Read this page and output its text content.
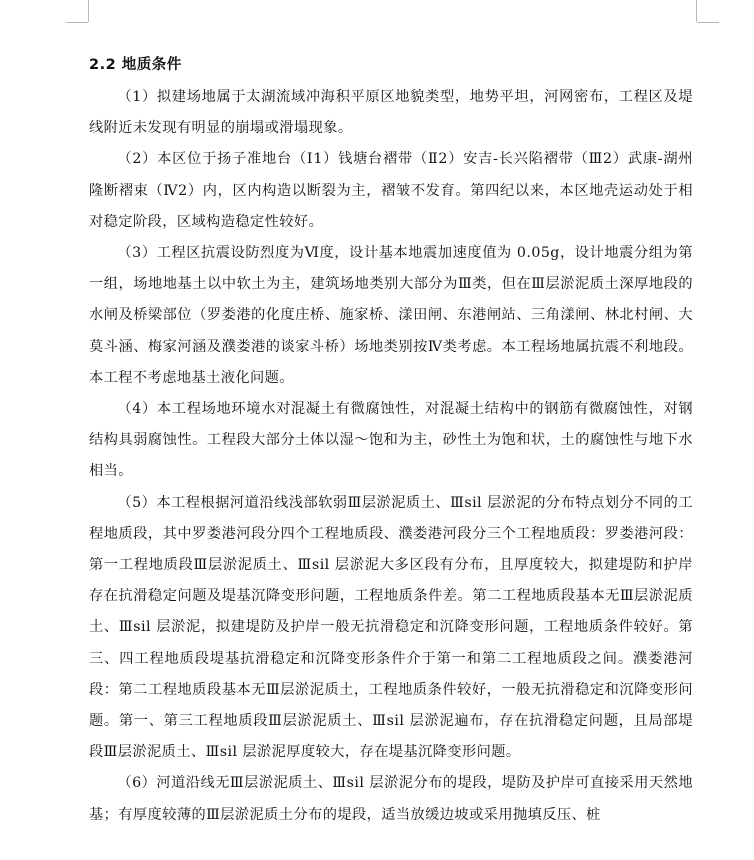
2.2 地质条件

（1）拟建场地属于太湖流域冲海积平原区地貌类型，地势平坦，河网密布，工程区及堤线附近未发现有明显的崩塌或滑塌现象。

（2）本区位于扬子准地台（Ⅰ1）钱塘台褶带（Ⅱ2）安吉-长兴陷褶带（Ⅲ2）武康-湖州隆断褶束（Ⅳ2）内，区内构造以断裂为主，褶皱不发育。第四纪以来，本区地壳运动处于相对稳定阶段，区域构造稳定性较好。

（3）工程区抗震设防烈度为Ⅵ度，设计基本地震加速度值为 0.05g，设计地震分组为第一组，场地地基土以中软土为主，建筑场地类别大部分为Ⅲ类，但在Ⅲ层淤泥质土深厚地段的水闸及桥梁部位（罗娄港的化度庄桥、施家桥、漾田闸、东港闸站、三角漾闸、林北村闸、大莫斗涵、梅家河涵及濮娄港的谈家斗桥）场地类别按Ⅳ类考虑。本工程场地属抗震不利地段。本工程不考虑地基土液化问题。

（4）本工程场地环境水对混凝土有微腐蚀性，对混凝土结构中的钢筋有微腐蚀性，对钢结构具弱腐蚀性。工程段大部分土体以湿～饱和为主，砂性土为饱和状，土的腐蚀性与地下水相当。

（5）本工程根据河道沿线浅部软弱Ⅲ层淤泥质土、Ⅲsil 层淤泥的分布特点划分不同的工程地质段，其中罗娄港河段分四个工程地质段、濮娄港河段分三个工程地质段：罗娄港河段：第一工程地质段Ⅲ层淤泥质土、Ⅲsil 层淤泥大多区段有分布，且厚度较大，拟建堤防和护岸存在抗滑稳定问题及堤基沉降变形问题，工程地质条件差。第二工程地质段基本无Ⅲ层淤泥质土、Ⅲsil 层淤泥，拟建堤防及护岸一般无抗滑稳定和沉降变形问题，工程地质条件较好。第三、四工程地质段堤基抗滑稳定和沉降变形条件介于第一和第二工程地质段之间。濮娄港河段：第二工程地质段基本无Ⅲ层淤泥质土，工程地质条件较好，一般无抗滑稳定和沉降变形问题。第一、第三工程地质段Ⅲ层淤泥质土、Ⅲsil 层淤泥遍布，存在抗滑稳定问题，且局部堤段Ⅲ层淤泥质土、Ⅲsil 层淤泥厚度较大，存在堤基沉降变形问题。

（6）河道沿线无Ⅲ层淤泥质土、Ⅲsil 层淤泥分布的堤段，堤防及护岸可直接采用天然地基；有厚度较薄的Ⅲ层淤泥质土分布的堤段，适当放缓边坡或采用抛填反压、桩
